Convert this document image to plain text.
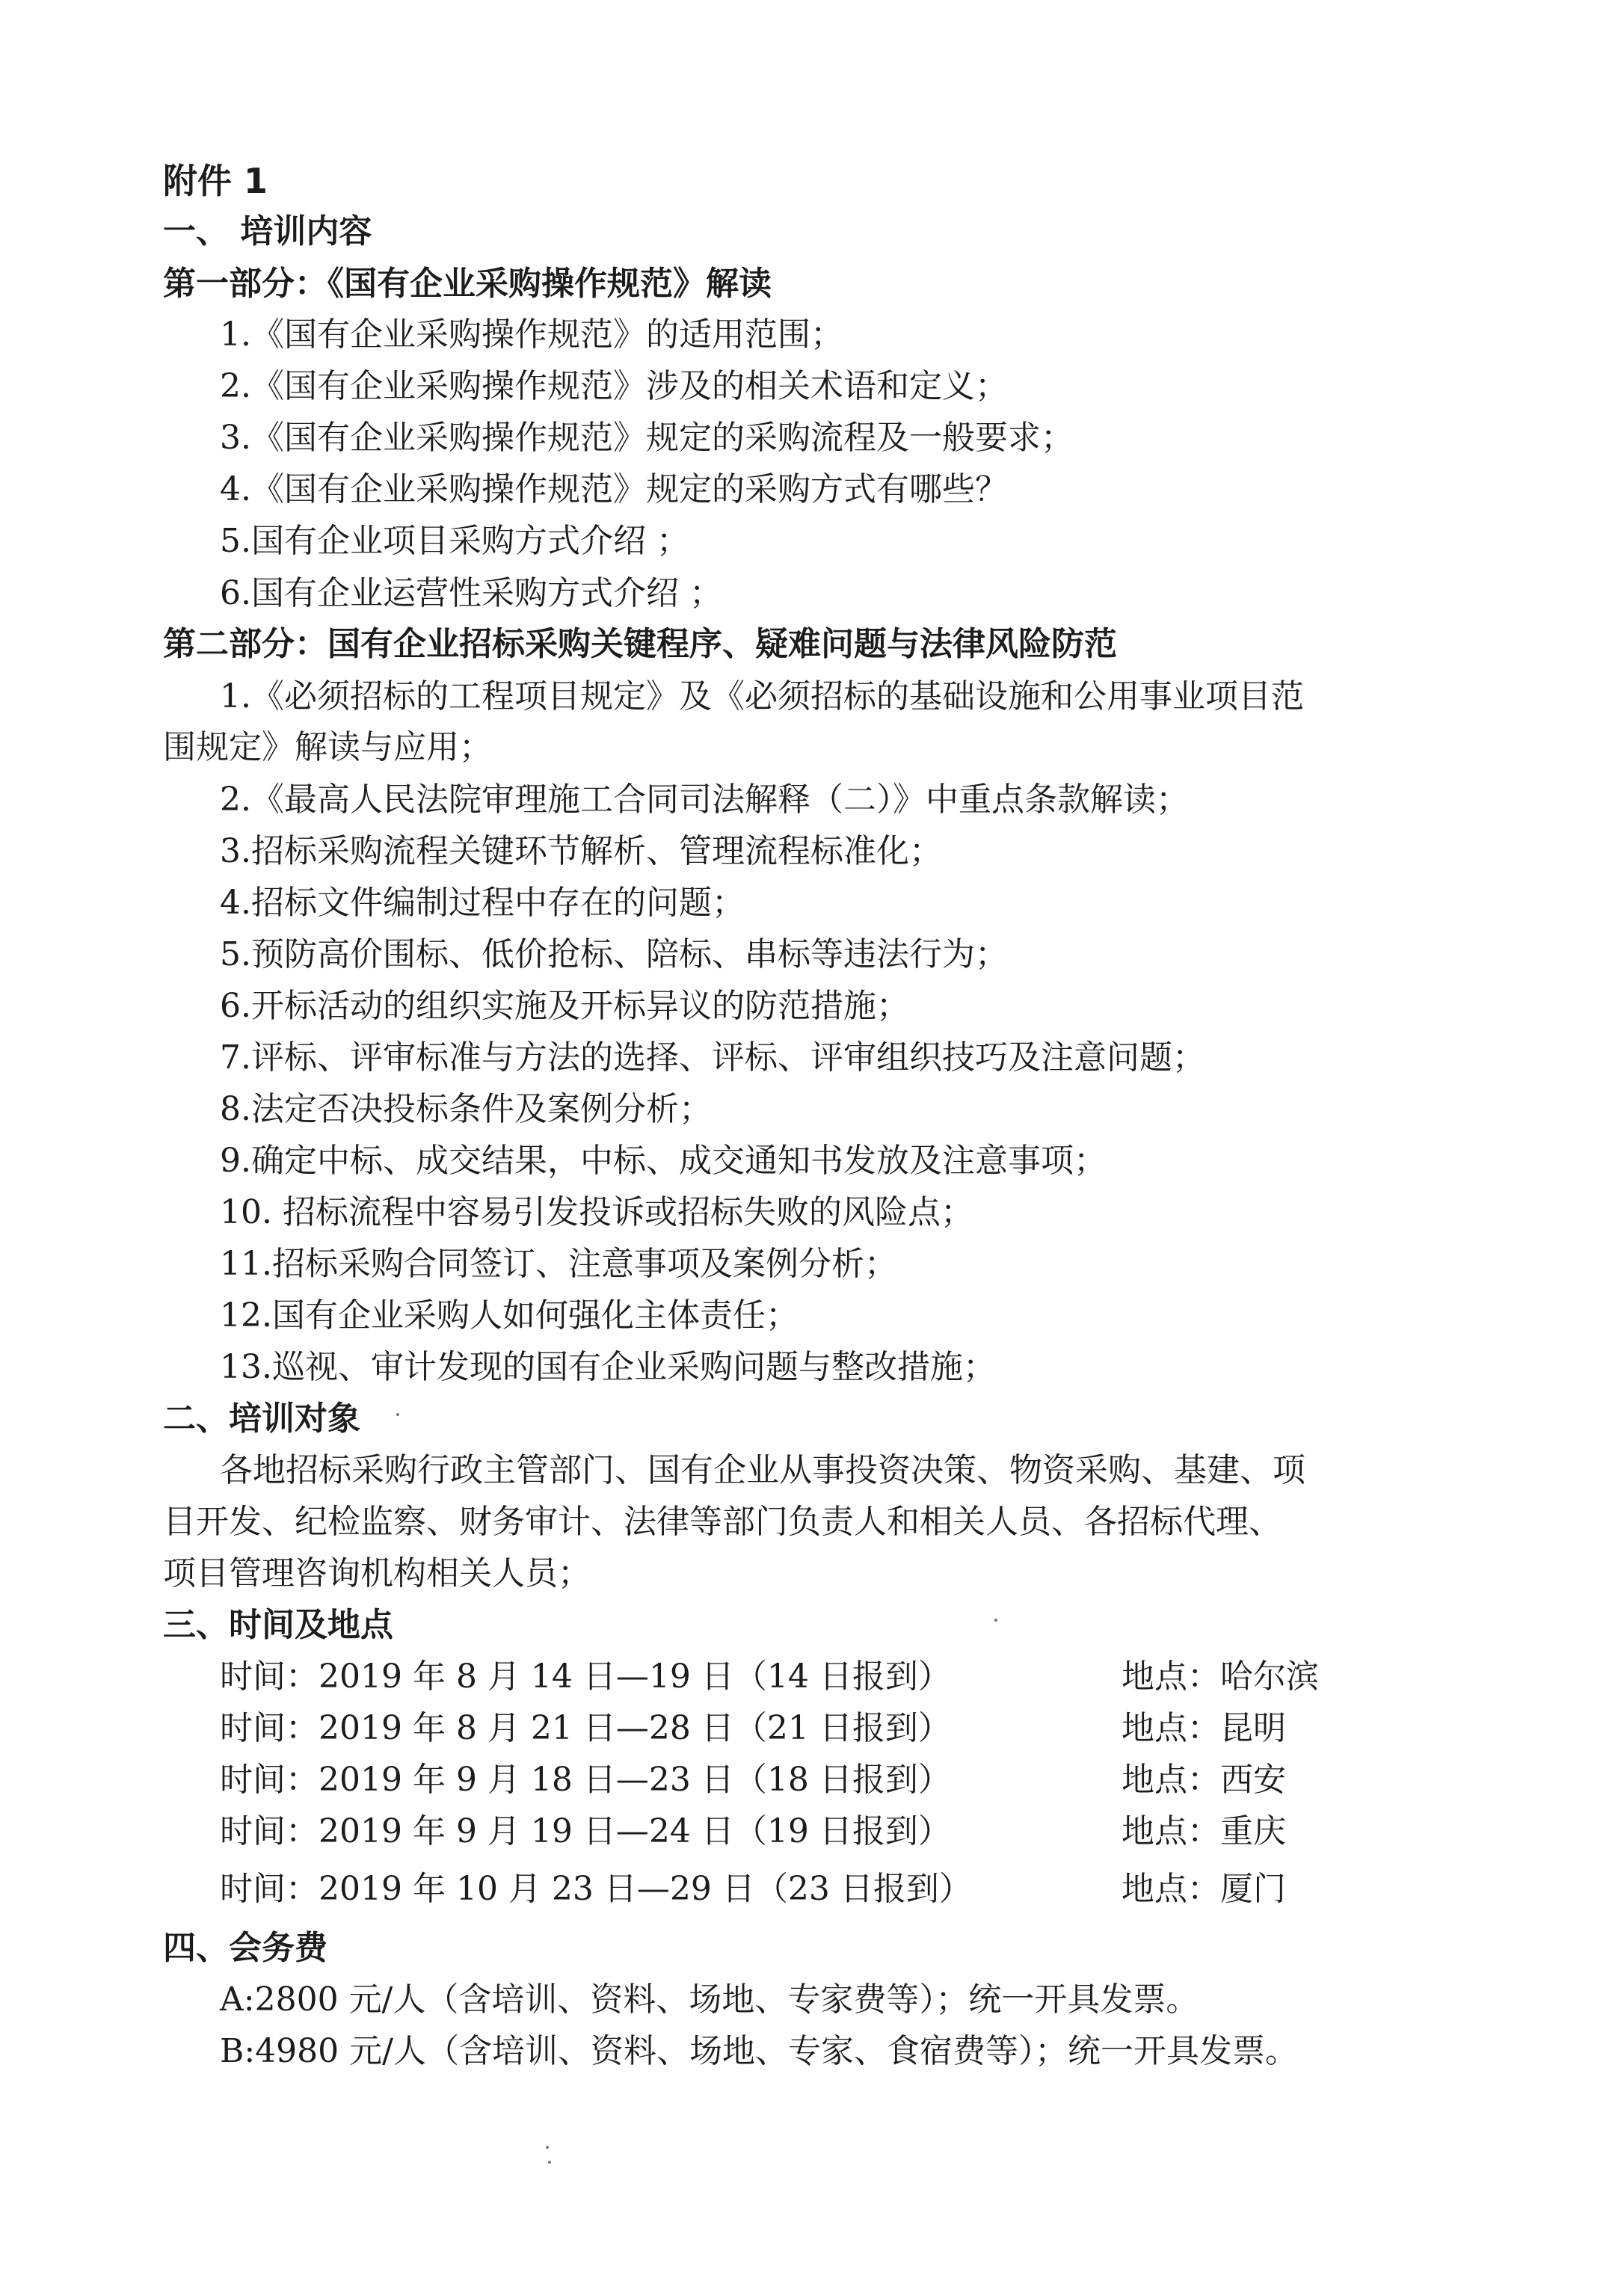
附件 1
一、 培训内容
第一部分：《国有企业采购操作规范》解读
1.《国有企业采购操作规范》的适用范围；
2.《国有企业采购操作规范》涉及的相关术语和定义；
3.《国有企业采购操作规范》规定的采购流程及一般要求；
4.《国有企业采购操作规范》规定的采购方式有哪些？
5.国有企业项目采购方式介绍 ；
6.国有企业运营性采购方式介绍 ；
第二部分：国有企业招标采购关键程序、疑难问题与法律风险防范
1.《必须招标的工程项目规定》及《必须招标的基础设施和公用事业项目范
围规定》解读与应用；
2.《最高人民法院审理施工合同司法解释（二）》中重点条款解读；
3.招标采购流程关键环节解析、管理流程标准化；
4.招标文件编制过程中存在的问题；
5.预防高价围标、低价抢标、陪标、串标等违法行为；
6.开标活动的组织实施及开标异议的防范措施；
7.评标、评审标准与方法的选择、评标、评审组织技巧及注意问题；
8.法定否决投标条件及案例分析；
9.确定中标、成交结果，中标、成交通知书发放及注意事项；
10. 招标流程中容易引发投诉或招标失败的风险点；
11.招标采购合同签订、注意事项及案例分析；
12.国有企业采购人如何强化主体责任；
13.巡视、审计发现的国有企业采购问题与整改措施；
二、培训对象
各地招标采购行政主管部门、国有企业从事投资决策、物资采购、基建、项
目开发、纪检监察、财务审计、法律等部门负责人和相关人员、各招标代理、
项目管理咨询机构相关人员；
三、时间及地点
时间：2019 年 8 月 14 日—19 日（14 日报到）	地点：哈尔滨
时间：2019 年 8 月 21 日—28 日（21 日报到）	地点：昆明
时间：2019 年 9 月 18 日—23 日（18 日报到）	地点：西安
时间：2019 年 9 月 19 日—24 日（19 日报到）	地点：重庆
时间：2019 年 10 月 23 日—29 日（23 日报到）	地点：厦门
四、会务费
A:2800 元/人（含培训、资料、场地、专家费等）；统一开具发票。
B:4980 元/人（含培训、资料、场地、专家、食宿费等）；统一开具发票。
